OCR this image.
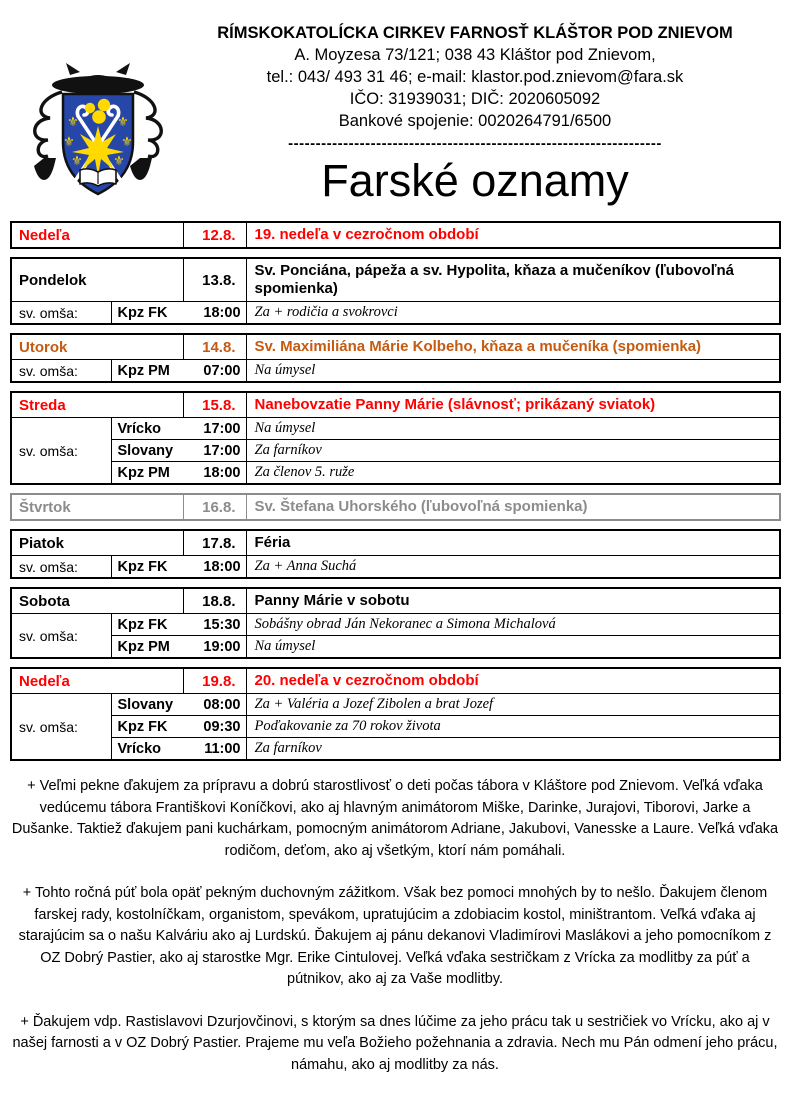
⚜
⚜
⚜
⚜
⚜
⚜
RÍMSKOKATOLÍCKA CIRKEV FARNOSŤ KLÁŠTOR POD ZNIEVOM
A. Moyzesa 73/121; 038 43 Kláštor pod Znievom,
tel.: 043/ 493 31 46; e-mail: klastor.pod.znievom@fara.sk
IČO: 31939031; DIČ: 2020605092
Bankové spojenie: 0020264791/6500
--------------------------------------------------------------------
Farské oznamy
Nedeľa	12.8.	19. nedeľa v cezročnom období
Pondelok		13.8.	Sv. Ponciána, pápeža a sv. Hypolita, kňaza a mučeníkov (ľubovoľná spomienka)
sv. omša:	Kpz FK 18:00		Za + rodičia a svokrovci
Utorok		14.8.	Sv. Maximiliána Márie Kolbeho, kňaza a mučeníka (spomienka)
sv. omša:	Kpz PM 07:00		Na úmysel
Streda		15.8.	Nanebovzatie Panny Márie (slávnosť; prikázaný sviatok)
sv. omša:	Vrícko 17:00		Na úmysel

	Slovany 17:00		Za farníkov

	Kpz PM 18:00		Za členov 5. ruže
Štvrtok	16.8.	Sv. Štefana Uhorského (ľubovoľná spomienka)
Piatok		17.8.	Féria
sv. omša:	Kpz FK 18:00		Za + Anna Suchá
Sobota		18.8.	Panny Márie v sobotu
sv. omša:	Kpz FK 15:30		Sobášny obrad Ján Nekoranec a Simona Michalová

	Kpz PM 19:00		Na úmysel
Nedeľa		19.8.	20. nedeľa v cezročnom období
sv. omša:	Slovany 08:00		Za + Valéria a Jozef Zibolen a brat Jozef

	Kpz FK 09:30		Poďakovanie za 70 rokov života

	Vrícko 11:00		Za farníkov

+ Veľmi pekne ďakujem za prípravu a dobrú starostlivosť o deti počas tábora v Kláštore pod Znievom. Veľká vďaka vedúcemu tábora Františkovi Koníčkovi, ako aj hlavným animátorom Miške, Darinke, Jurajovi, Tiborovi, Jarke a Dušanke. Taktiež ďakujem pani kuchárkam, pomocným animátorom Adriane, Jakubovi, Vanesske a Laure. Veľká vďaka rodičom, deťom, ako aj všetkým, ktorí nám pomáhali.

+ Tohto ročná púť bola opäť pekným duchovným zážitkom. Však bez pomoci mnohých by to nešlo. Ďakujem členom farskej rady, kostolníčkam, organistom, spevákom, upratujúcim a zdobiacim kostol, miništrantom. Veľká vďaka aj starajúcim sa o našu Kalváriu ako aj Lurdskú. Ďakujem aj pánu dekanovi Vladimírovi Maslákovi a jeho pomocníkom z OZ Dobrý Pastier, ako aj starostke Mgr. Erike Cintulovej. Veľká vďaka sestričkam z Vrícka za modlitby za púť a pútnikov, ako aj za Vaše modlitby.

+ Ďakujem vdp. Rastislavovi Dzurjovčinovi, s ktorým sa dnes lúčime za jeho prácu tak u sestričiek vo Vrícku, ako aj v našej farnosti a v OZ Dobrý Pastier. Prajeme mu veľa Božieho požehnania a zdravia. Nech mu Pán odmení jeho prácu, námahu, ako aj modlitby za nás.
